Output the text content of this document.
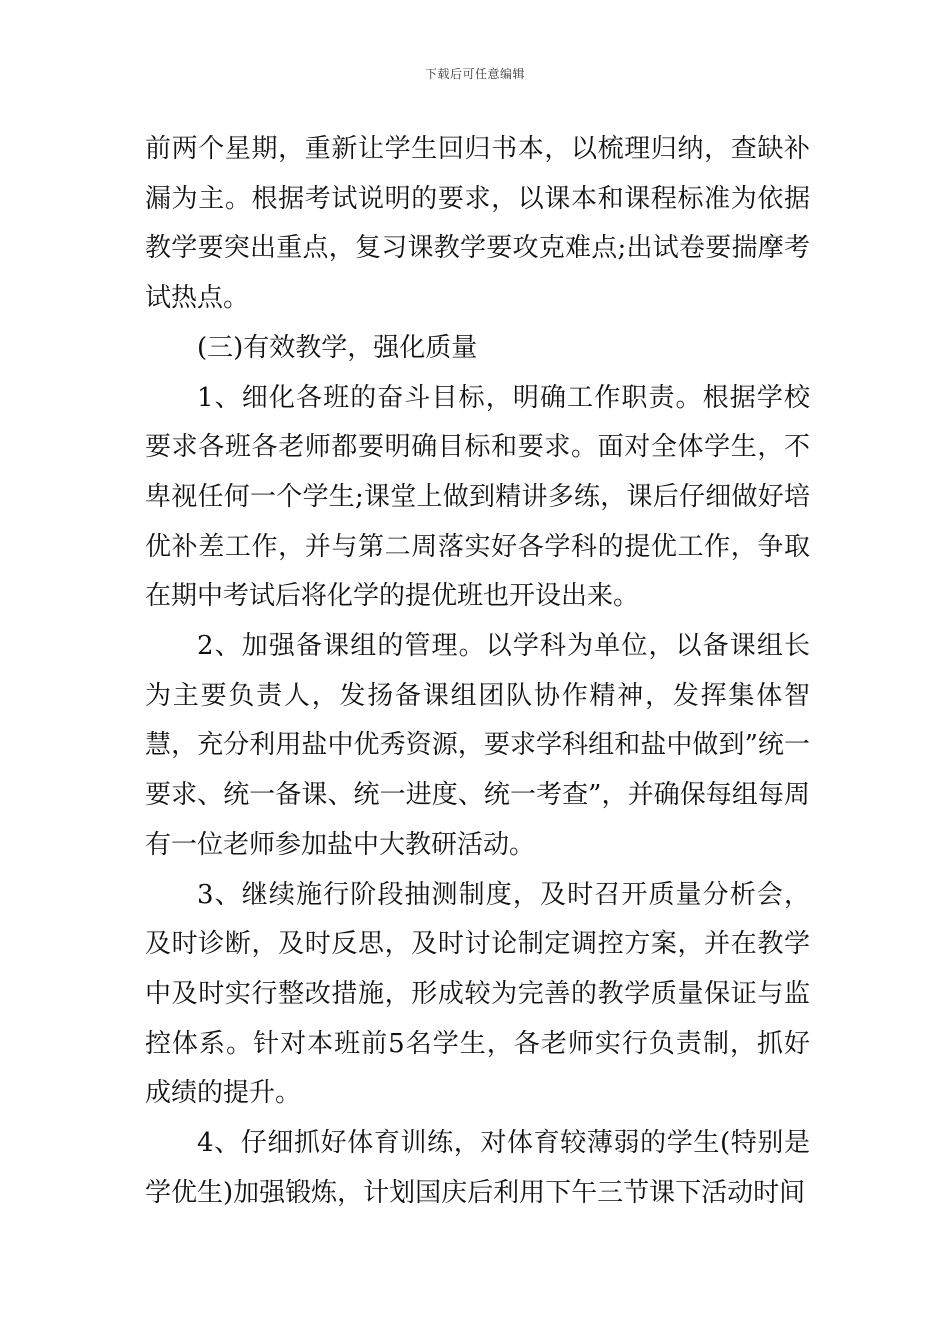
下载后可任意编辑

前两个星期，重新让学生回归书本，以梳理归纳，查缺补漏为主。根据考试说明的要求，以课本和课程标准为依据教学要突出重点，复习课教学要攻克难点;出试卷要揣摩考试热点。

(三)有效教学，强化质量

1、细化各班的奋斗目标，明确工作职责。根据学校要求各班各老师都要明确目标和要求。面对全体学生，不卑视任何一个学生;课堂上做到精讲多练，课后仔细做好培优补差工作，并与第二周落实好各学科的提优工作，争取在期中考试后将化学的提优班也开设出来。

2、加强备课组的管理。以学科为单位，以备课组长为主要负责人，发扬备课组团队协作精神，发挥集体智慧，充分利用盐中优秀资源，要求学科组和盐中做到”统一要求、统一备课、统一进度、统一考查”，并确保每组每周有一位老师参加盐中大教研活动。

3、继续施行阶段抽测制度，及时召开质量分析会，及时诊断，及时反思，及时讨论制定调控方案，并在教学中及时实行整改措施，形成较为完善的教学质量保证与监控体系。针对本班前5名学生，各老师实行负责制，抓好成绩的提升。

4、仔细抓好体育训练，对体育较薄弱的学生(特别是学优生)加强锻炼，计划国庆后利用下午三节课下活动时间
